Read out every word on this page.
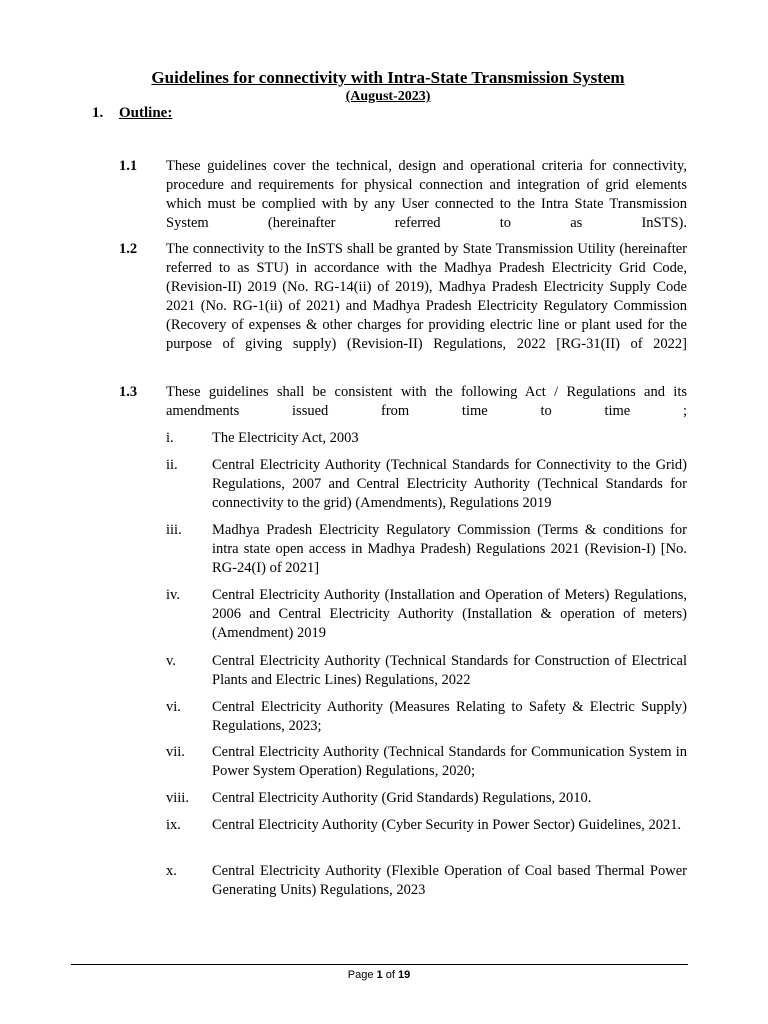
Guidelines for connectivity with Intra-State Transmission System
(August-2023)
1. Outline:
1.1 These guidelines cover the technical, design and operational criteria for connectivity, procedure and requirements for physical connection and integration of grid elements which must be complied with by any User connected to the Intra State Transmission System (hereinafter referred to as InSTS).
1.2 The connectivity to the InSTS shall be granted by State Transmission Utility (hereinafter referred to as STU) in accordance with the Madhya Pradesh Electricity Grid Code, (Revision-II) 2019 (No. RG-14(ii) of 2019), Madhya Pradesh Electricity Supply Code 2021 (No. RG-1(ii) of 2021) and Madhya Pradesh Electricity Regulatory Commission (Recovery of expenses & other charges for providing electric line or plant used for the purpose of giving supply) (Revision-II) Regulations, 2022 [RG-31(II) of 2022]
1.3 These guidelines shall be consistent with the following Act / Regulations and its amendments issued from time to time ;
i.	The Electricity Act, 2003
ii. Central Electricity Authority (Technical Standards for Connectivity to the Grid) Regulations, 2007 and Central Electricity Authority (Technical Standards for connectivity to the grid) (Amendments), Regulations 2019
iii. Madhya Pradesh Electricity Regulatory Commission (Terms & conditions for intra state open access in Madhya Pradesh) Regulations 2021 (Revision-I) [No. RG-24(I) of 2021]
iv. Central Electricity Authority (Installation and Operation of Meters) Regulations, 2006 and Central Electricity Authority (Installation & operation of meters) (Amendment) 2019
v. Central Electricity Authority (Technical Standards for Construction of Electrical Plants and Electric Lines) Regulations, 2022
vi. Central Electricity Authority (Measures Relating to Safety & Electric Supply) Regulations, 2023;
vii. Central Electricity Authority (Technical Standards for Communication System in Power System Operation) Regulations, 2020;
viii. Central Electricity Authority (Grid Standards) Regulations, 2010.
ix. Central Electricity Authority (Cyber Security in Power Sector) Guidelines, 2021.
x. Central Electricity Authority (Flexible Operation of Coal based Thermal Power Generating Units) Regulations, 2023
Page 1 of 19
